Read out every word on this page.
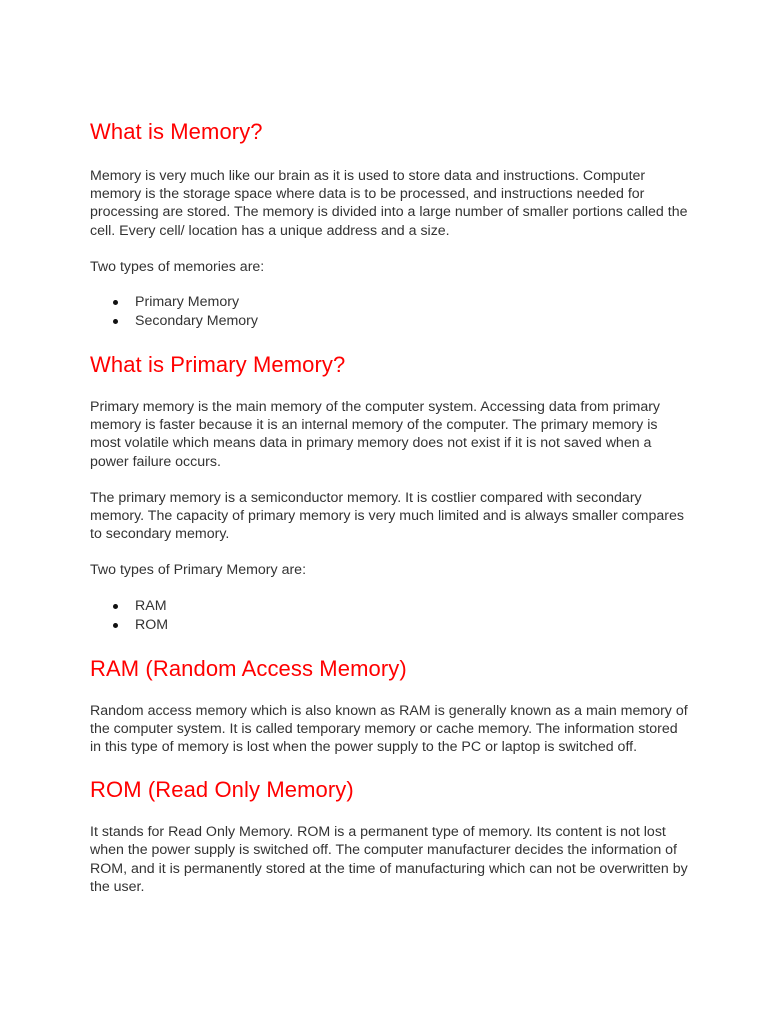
What is Memory?

Memory is very much like our brain as it is used to store data and instructions. Computer memory is the storage space where data is to be processed, and instructions needed for processing are stored. The memory is divided into a large number of smaller portions called the cell. Every cell/ location has a unique address and a size.

Two types of memories are:

Primary Memory
Secondary Memory
What is Primary Memory?

Primary memory is the main memory of the computer system. Accessing data from primary memory is faster because it is an internal memory of the computer. The primary memory is most volatile which means data in primary memory does not exist if it is not saved when a power failure occurs.

The primary memory is a semiconductor memory. It is costlier compared with secondary memory. The capacity of primary memory is very much limited and is always smaller compares to secondary memory.

Two types of Primary Memory are:

RAM
ROM
RAM (Random Access Memory)

Random access memory which is also known as RAM is generally known as a main memory of the computer system. It is called temporary memory or cache memory. The information stored in this type of memory is lost when the power supply to the PC or laptop is switched off.

ROM (Read Only Memory)

It stands for Read Only Memory. ROM is a permanent type of memory. Its content is not lost when the power supply is switched off. The computer manufacturer decides the information of ROM, and it is permanently stored at the time of manufacturing which can not be overwritten by the user.
